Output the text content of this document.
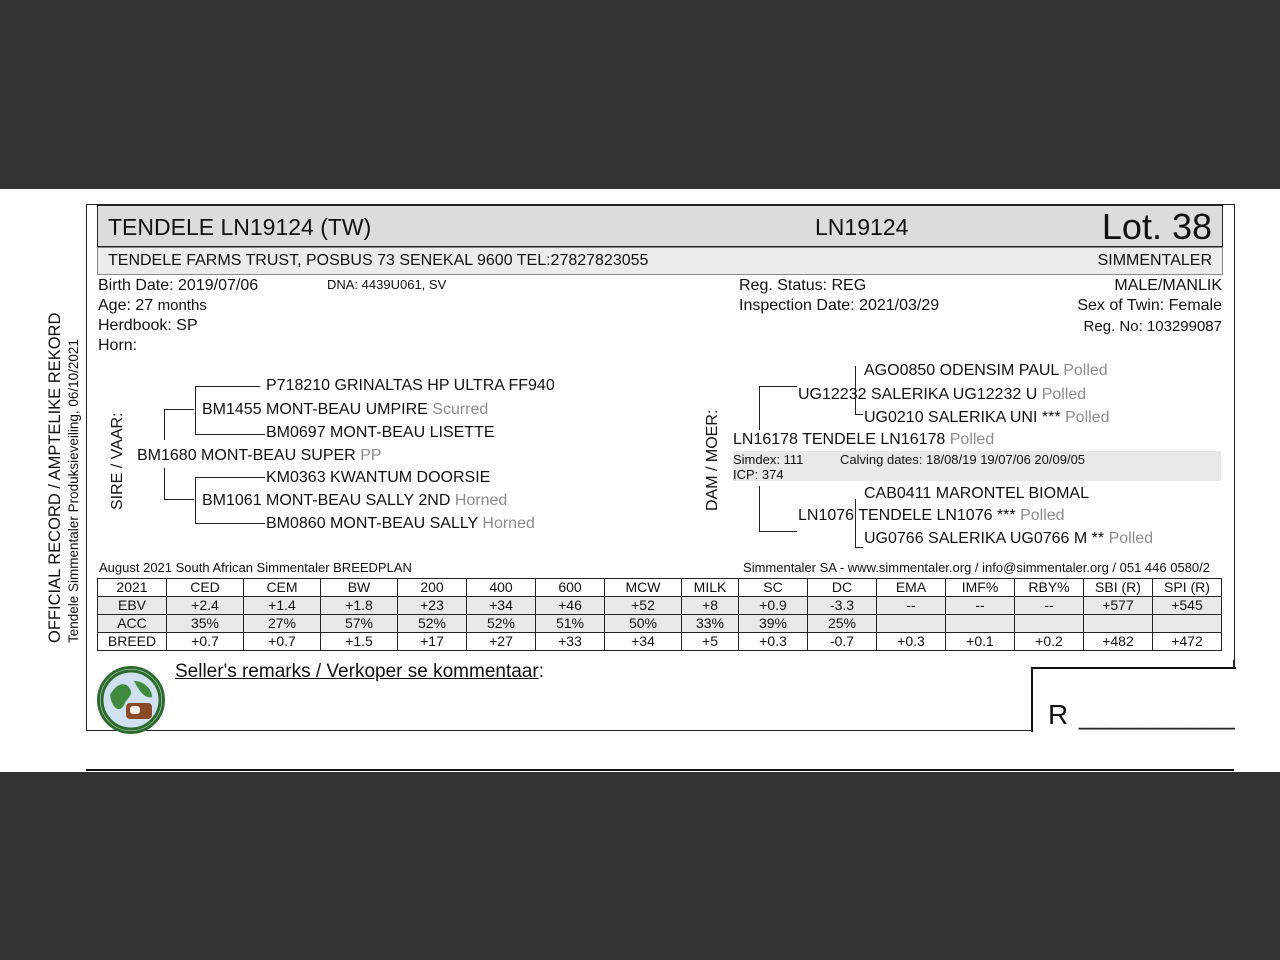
OFFICIAL RECORD / AMPTELIKE REKORD Tendele Simmentaler Produksieveiling, 06/10/2021
TENDELE LN19124 (TW)	LN19124	Lot. 38
TENDELE FARMS TRUST, POSBUS 73 SENEKAL 9600 TEL:27827823055	SIMMENTALER
Birth Date: 2019/07/06	DNA: 4439U061, SV
Age: 27 months
Herdbook: SP
Horn:
Reg. Status: REG
Inspection Date: 2021/03/29
MALE/MANLIK
Sex of Twin: Female
Reg. No: 103299087
SIRE / VAAR:
P718210 GRINALTAS HP ULTRA FF940
BM1455 MONT-BEAU UMPIRE Scurred
BM0697 MONT-BEAU LISETTE
BM1680 MONT-BEAU SUPER PP
KM0363 KWANTUM DOORSIE
BM1061 MONT-BEAU SALLY 2ND Horned
BM0860 MONT-BEAU SALLY Horned
DAM / MOER:
AGO0850 ODENSIM PAUL Polled
UG12232 SALERIKA UG12232 U Polled
UG0210 SALERIKA UNI *** Polled
LN16178 TENDELE LN16178 Polled
Simdex: 111	Calving dates: 18/08/19 19/07/06 20/09/05
ICP: 374
CAB0411 MARONTEL BIOMAL
LN1076 TENDELE LN1076 *** Polled
UG0766 SALERIKA UG0766 M ** Polled
August 2021 South African Simmentaler BREEDPLAN	Simmentaler SA - www.simmentaler.org / info@simmentaler.org / 051 446 0580/2
2021	CED	CEM	BW	200	400	600	MCW	MILK	SC	DC	EMA	IMF%	RBY%	SBI (R)	SPI (R)
EBV	+2.4	+1.4	+1.8	+23	+34	+46	+52	+8	+0.9	-3.3	--	--	--	+577	+545
ACC	35%	27%	57%	52%	52%	51%	50%	33%	39%	25%					
BREED	+0.7	+0.7	+1.5	+17	+27	+33	+34	+5	+0.3	-0.7	+0.3	+0.1	+0.2	+482	+472
Seller's remarks / Verkoper se kommentaar:
R __________
